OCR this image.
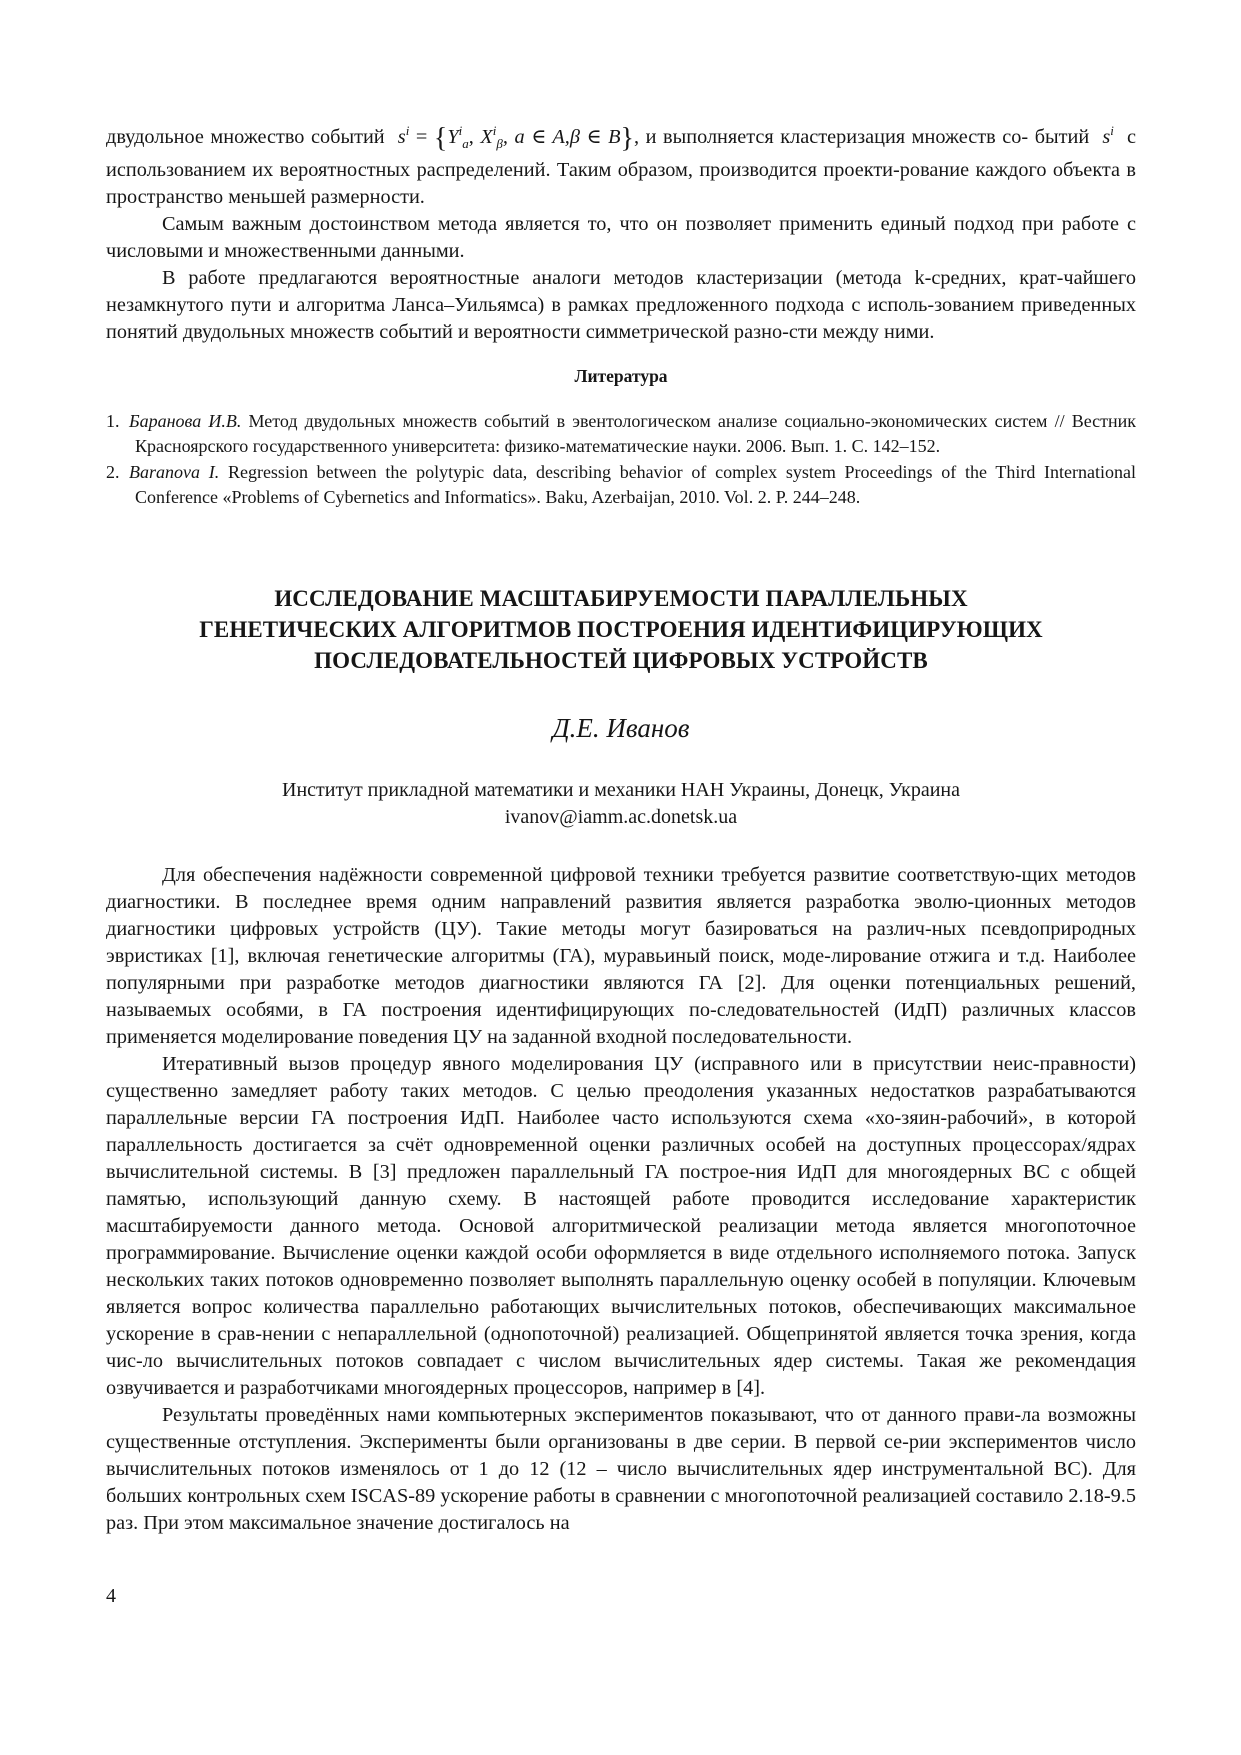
двудольное множество событий $s^i = \{Y^i_a$, $X^i_\beta$, a ∈ A,β ∈ B}, и выполняется кластеризация множеств со- бытий $s^i$ с использованием их вероятностных распределений. Таким образом, производится проекти-рование каждого объекта в пространство меньшей размерности.

Самым важным достоинством метода является то, что он позволяет применить единый подход при работе с числовыми и множественными данными.

В работе предлагаются вероятностные аналоги методов кластеризации (метода k-средних, крат-чайшего незамкнутого пути и алгоритма Ланса–Уильямса) в рамках предложенного подхода с исполь-зованием приведенных понятий двудольных множеств событий и вероятности симметрической разно-сти между ними.

Литература
1. Баранова И.В. Метод двудольных множеств событий в эвентологическом анализе социально-экономических систем // Вестник Красноярского государственного университета: физико-математические науки. 2006. Вып. 1. С. 142–152.
2. Baranova I. Regression between the polytypic data, describing behavior of complex system Proceedings of the Third International Conference «Problems of Cybernetics and Informatics». Baku, Azerbaijan, 2010. Vol. 2. P. 244–248.
ИССЛЕДОВАНИЕ МАСШТАБИРУЕМОСТИ ПАРАЛЛЕЛЬНЫХ
ГЕНЕТИЧЕСКИХ АЛГОРИТМОВ ПОСТРОЕНИЯ ИДЕНТИФИЦИРУЮЩИХ
ПОСЛЕДОВАТЕЛЬНОСТЕЙ ЦИФРОВЫХ УСТРОЙСТВ
Д.Е. Иванов
Институт прикладной математики и механики НАН Украины, Донецк, Украина
ivanov@iamm.ac.donetsk.ua

Для обеспечения надёжности современной цифровой техники требуется развитие соответствую-щих методов диагностики. В последнее время одним направлений развития является разработка эволю-ционных методов диагностики цифровых устройств (ЦУ). Такие методы могут базироваться на различ-ных псевдоприродных эвристиках [1], включая генетические алгоритмы (ГА), муравьиный поиск, моде-лирование отжига и т.д. Наиболее популярными при разработке методов диагностики являются ГА [2]. Для оценки потенциальных решений, называемых особями, в ГА построения идентифицирующих по-следовательностей (ИдП) различных классов применяется моделирование поведения ЦУ на заданной входной последовательности.

Итеративный вызов процедур явного моделирования ЦУ (исправного или в присутствии неис-правности) существенно замедляет работу таких методов. С целью преодоления указанных недостатков разрабатываются параллельные версии ГА построения ИдП. Наиболее часто используются схема «хо-зяин-рабочий», в которой параллельность достигается за счёт одновременной оценки различных особей на доступных процессорах/ядрах вычислительной системы. В [3] предложен параллельный ГА построе-ния ИдП для многоядерных ВС с общей памятью, использующий данную схему. В настоящей работе проводится исследование характеристик масштабируемости данного метода. Основой алгоритмической реализации метода является многопоточное программирование. Вычисление оценки каждой особи оформляется в виде отдельного исполняемого потока. Запуск нескольких таких потоков одновременно позволяет выполнять параллельную оценку особей в популяции. Ключевым является вопрос количества параллельно работающих вычислительных потоков, обеспечивающих максимальное ускорение в срав-нении с непараллельной (однопоточной) реализацией. Общепринятой является точка зрения, когда чис-ло вычислительных потоков совпадает с числом вычислительных ядер системы. Такая же рекомендация озвучивается и разработчиками многоядерных процессоров, например в [4].

Результаты проведённых нами компьютерных экспериментов показывают, что от данного прави-ла возможны существенные отступления. Эксперименты были организованы в две серии. В первой се-рии экспериментов число вычислительных потоков изменялось от 1 до 12 (12 – число вычислительных ядер инструментальной ВС). Для больших контрольных схем ISCAS-89 ускорение работы в сравнении с многопоточной реализацией составило 2.18-9.5 раз. При этом максимальное значение достигалось на

4
